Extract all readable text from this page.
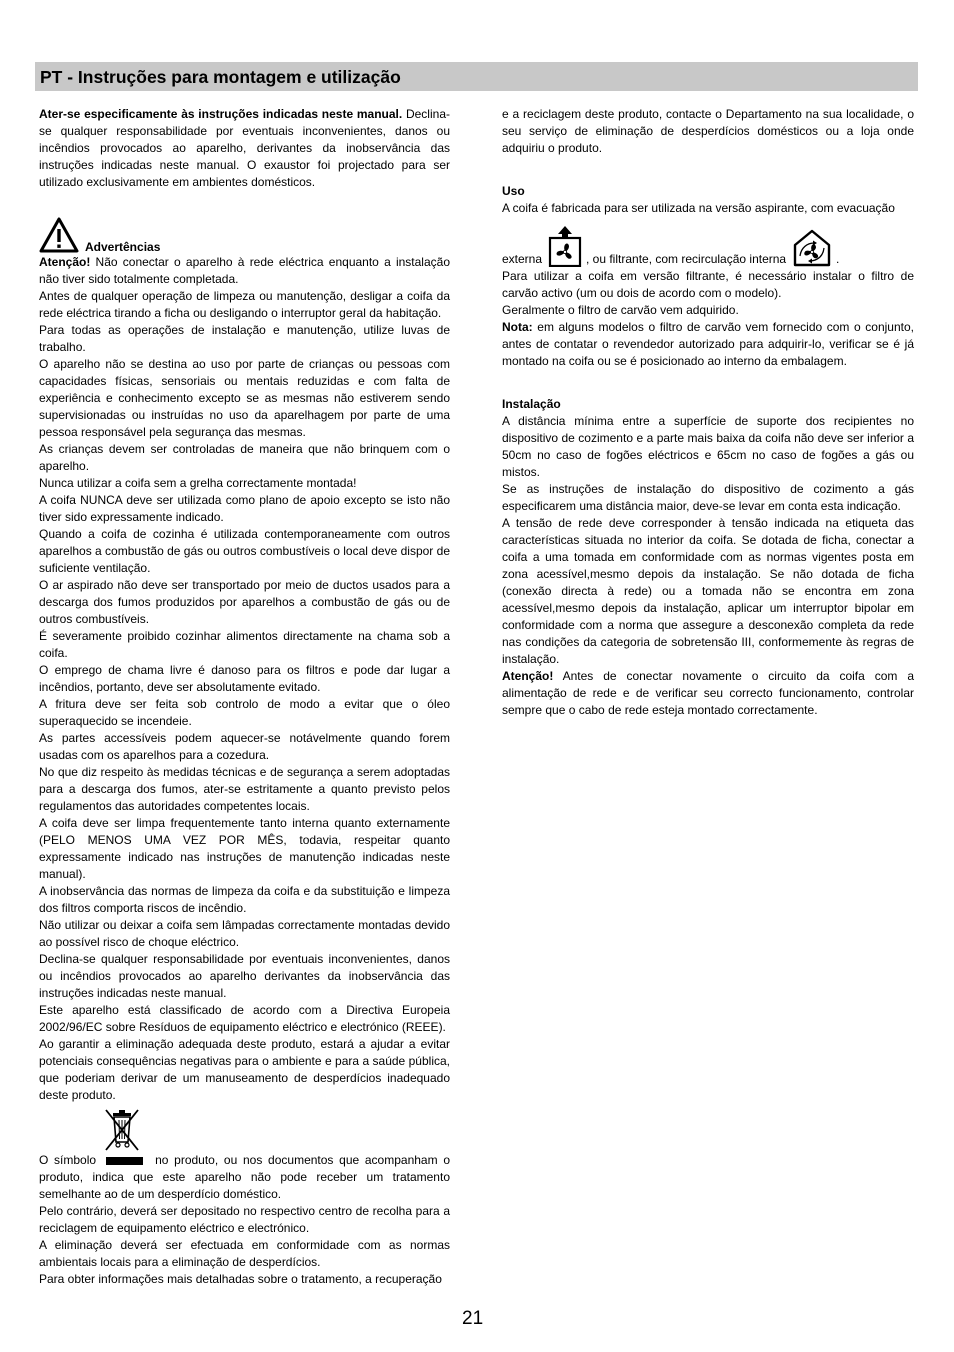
PT - Instruções para montagem e utilização

Ater-se especificamente às instruções indicadas neste manual. Declina-se qualquer responsabilidade por eventuais inconvenientes, danos ou incêndios provocados ao aparelho, derivantes da inobservância das instruções indicadas neste manual. O exaustor foi projectado para ser utilizado exclusivamente em ambientes domésticos.

Advertências

Atenção! Não conectar o aparelho à rede eléctrica enquanto a instalação não tiver sido totalmente completada.

Antes de qualquer operação de limpeza ou manutenção, desligar a coifa da rede eléctrica tirando a ficha ou desligando o interruptor geral da habitação.

Para todas as operações de instalação e manutenção, utilize luvas de trabalho.

O aparelho não se destina ao uso por parte de crianças ou pessoas com capacidades físicas, sensoriais ou mentais reduzidas e com falta de experiência e conhecimento excepto se as mesmas não estiverem sendo supervisionadas ou instruídas no uso da aparelhagem por parte de uma pessoa responsável pela segurança das mesmas.

As crianças devem ser controladas de maneira que não brinquem com o aparelho.

Nunca utilizar a coifa sem a grelha correctamente montada!

A coifa NUNCA deve ser utilizada como plano de apoio excepto se isto não tiver sido expressamente indicado.

Quando a coifa de cozinha é utilizada contemporaneamente com outros aparelhos a combustão de gás ou outros combustíveis o local deve dispor de suficiente ventilação.

O ar aspirado não deve ser transportado por meio de ductos usados para a descarga dos fumos produzidos por aparelhos a combustão de gás ou de outros combustíveis.

É severamente proibido cozinhar alimentos directamente na chama sob a coifa.

O emprego de chama livre é danoso para os filtros e pode dar lugar a incêndios, portanto, deve ser absolutamente evitado.

A fritura deve ser feita sob controlo de modo a evitar que o óleo superaquecido se incendeie.

As partes accessíveis podem aquecer-se notávelmente quando forem usadas com os aparelhos para a cozedura.

No que diz respeito às medidas técnicas e de segurança a serem adoptadas para a descarga dos fumos, ater-se estritamente a quanto previsto pelos regulamentos das autoridades competentes locais.

A coifa deve ser limpa frequentemente tanto interna quanto externamente (PELO MENOS UMA VEZ POR MÊS, todavia, respeitar quanto expressamente indicado nas instruções de manutenção indicadas neste manual).

A inobservância das normas de limpeza da coifa e da substituição e limpeza dos filtros comporta riscos de incêndio.

Não utilizar ou deixar a coifa sem lâmpadas correctamente montadas devido ao possível risco de choque eléctrico.

Declina-se qualquer responsabilidade por eventuais inconvenientes, danos ou incêndios provocados ao aparelho derivantes da inobservância das instruções indicadas neste manual.

Este aparelho está classificado de acordo com a Directiva Europeia 2002/96/EC sobre Resíduos de equipamento eléctrico e electrónico (REEE).

Ao garantir a eliminação adequada deste produto, estará a ajudar a evitar potenciais consequências negativas para o ambiente e para a saúde pública, que poderiam derivar de um manuseamento de desperdícios inadequado deste produto.

O símbolo	no produto, ou nos documentos que acompanham o produto, indica que este aparelho não pode receber um tratamento semelhante ao de um desperdício doméstico.

Pelo contrário, deverá ser depositado no respectivo centro de recolha para a reciclagem de equipamento eléctrico e electrónico.

A eliminação deverá ser efectuada em conformidade com as normas ambientais locais para a eliminação de desperdícios.

Para obter informações mais detalhadas sobre o tratamento, a recuperação

e a reciclagem deste produto, contacte o Departamento na sua localidade, o seu serviço de eliminação de desperdícios domésticos ou a loja onde adquiriu o produto.

Uso

A coifa é fabricada para ser utilizada na versão aspirante, com evacuação

externa	, ou filtrante, com recirculação interna	.

Para utilizar a coifa em versão filtrante, é necessário instalar o filtro de carvão activo (um ou dois de acordo com o modelo).

Geralmente o filtro de carvão vem adquirido.

Nota: em alguns modelos o filtro de carvão vem fornecido com o conjunto, antes de contatar o revendedor autorizado para adquirir-lo, verificar se é já montado na coifa ou se é posicionado ao interno da embalagem.

Instalação

A distância mínima entre a superfície de suporte dos recipientes no dispositivo de cozimento e a parte mais baixa da coifa não deve ser inferior a 50cm no caso de fogões eléctricos e 65cm no caso de fogões a gás ou mistos.

Se as instruções de instalação do dispositivo de cozimento a gás especificarem uma distância maior, deve-se levar em conta esta indicação.

A tensão de rede deve corresponder à tensão indicada na etiqueta das características situada no interior da coifa. Se dotada de ficha, conectar a coifa a uma tomada em conformidade com as normas vigentes posta em zona acessível,mesmo depois da instalação. Se não dotada de ficha (conexão directa à rede) ou a tomada não se encontra em zona acessível,mesmo depois da instalação, aplicar um interruptor bipolar em conformidade com a norma que assegure a desconexão completa da rede nas condições da categoria de sobretensão III, conformemente às regras de instalação.

Atenção! Antes de conectar novamente o circuito da coifa com a alimentação de rede e de verificar seu correcto funcionamento, controlar sempre que o cabo de rede esteja montado correctamente.

21
